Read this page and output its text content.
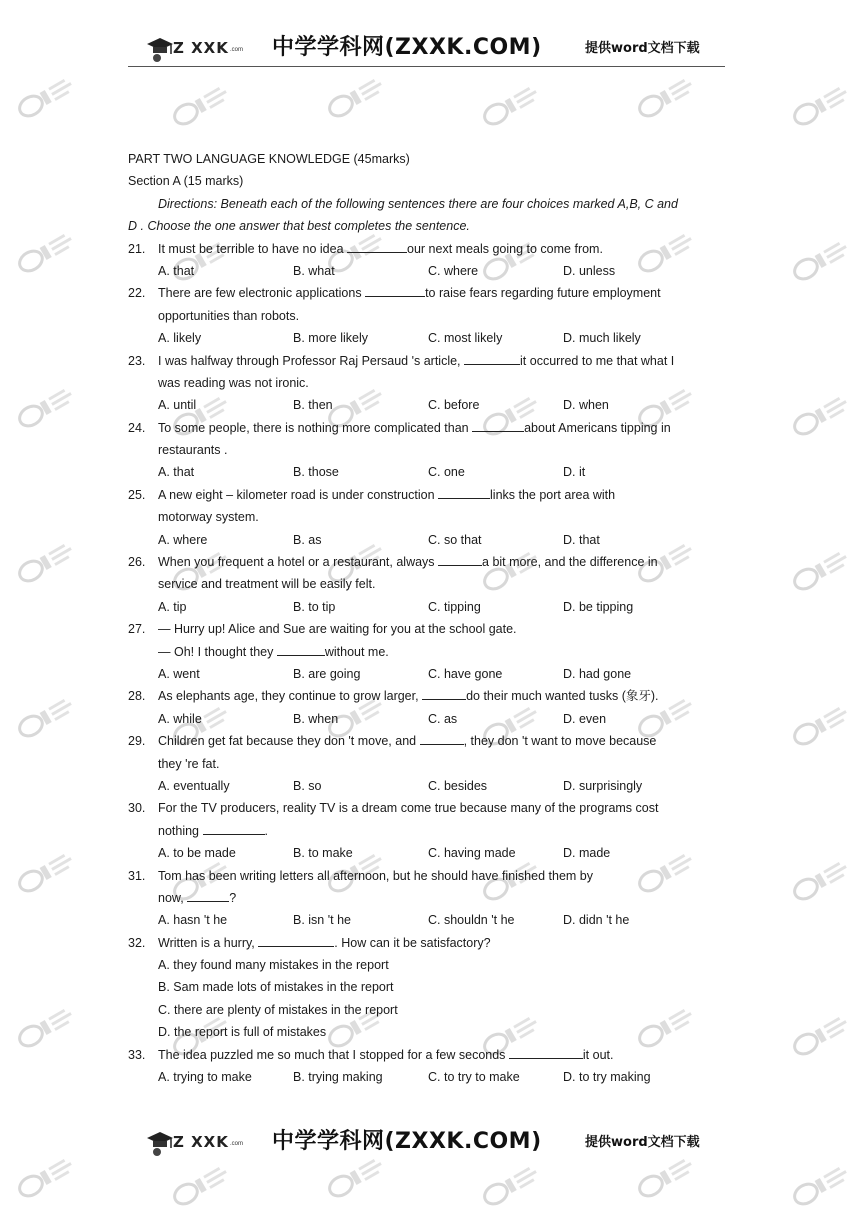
Z XXK .com 中学学科网(ZXXK.COM)	提供word文档下载
PART TWO LANGUAGE KNOWLEDGE (45marks)
Section A (15 marks)
Directions: Beneath each of the following sentences there are four choices marked A,B, C and
D . Choose the one answer that best completes the sentence.
21. It must be terrible to have no idea	our next meals going to come from.
A. that	B. what	C. where	D. unless
22. There are few electronic applications	to raise fears regarding future employment
opportunities than robots.
A. likely	B. more likely	C. most likely	D. much likely
23. I was halfway through Professor Raj Persaud 's article,	it occurred to me that what I
was reading was not ironic.
A. until	B. then	C. before	D. when
24. To some people, there is nothing more complicated than	about Americans tipping in
restaurants .
A. that	B. those	C. one	D. it
25. A new eight – kilometer road is under construction	links the port area with
motorway system.
A. where	B. as	C. so that	D. that
26. When you frequent a hotel or a restaurant, always	a bit more, and the difference in
service and treatment will be easily felt.
A. tip	B. to tip	C. tipping	D. be tipping
27. — Hurry up! Alice and Sue are waiting for you at the school gate.
— Oh! I thought they	without me.
A. went	B. are going	C. have gone	D. had gone
28. As elephants age, they continue to grow larger,	do their much wanted tusks (象牙).
A. while	B. when	C. as	D. even
29. Children get fat because they don 't move, and	, they don 't want to move because
they 're fat.
A. eventually	B. so	C. besides	D. surprisingly
30. For the TV producers, reality TV is a dream come true because many of the programs cost
nothing	.
A. to be made	B. to make	C. having made	D. made
31. Tom has been writing letters all afternoon, but he should have finished them by
now,	?
A. hasn 't he	B. isn 't he	C. shouldn 't he	D. didn 't he
32. Written is a hurry,	. How can it be satisfactory?
A. they found many mistakes in the report
B. Sam made lots of mistakes in the report
C. there are plenty of mistakes in the report
D. the report is full of mistakes
33. The idea puzzled me so much that I stopped for a few seconds	it out.
A. trying to make	B. trying making	C. to try to make	D. to try making
Z XXK .com 中学学科网(ZXXK.COM)	提供word文档下载
